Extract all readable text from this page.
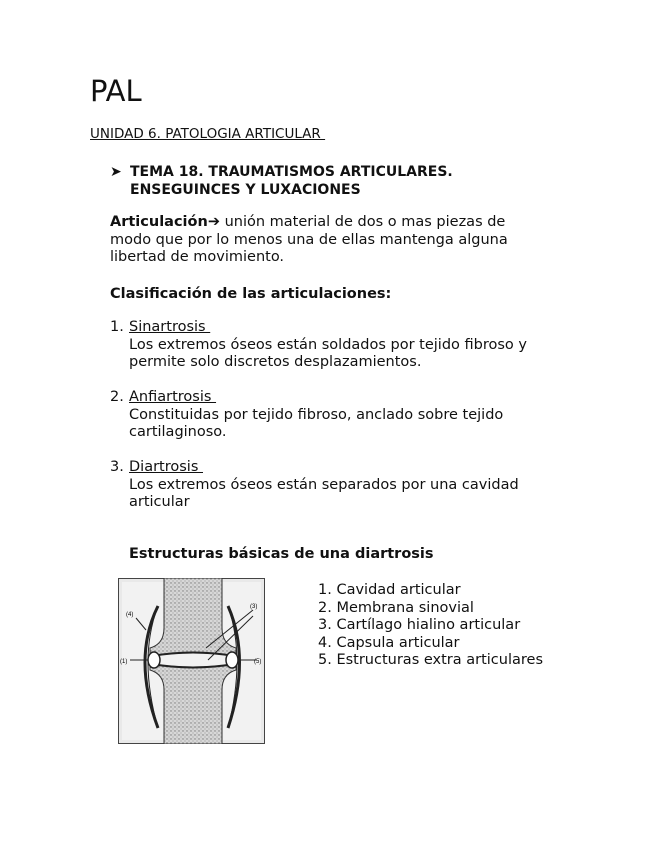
PAL
UNIDAD 6. PATOLOGIA ARTICULAR
➤ TEMA 18. TRAUMATISMOS ARTICULARES.
ENSEGUINCES Y LUXACIONES
Articulación➔ unión material de dos o mas piezas de modo que por lo menos una de ellas mantenga alguna libertad de movimiento.
Clasificación de las articulaciones:
1. Sinartrosis
Los extremos óseos están soldados por tejido fibroso y permite solo discretos desplazamientos.
2. Anfiartrosis
Constituidas por tejido fibroso, anclado sobre tejido cartilaginoso.
3. Diartrosis
Los extremos óseos están separados por una cavidad articular
Estructuras básicas de una diartrosis
(4)
(3)
(1)	(5)
1. Cavidad articular
2. Membrana sinovial
3. Cartílago hialino articular
4. Capsula articular
5. Estructuras extra articulares
